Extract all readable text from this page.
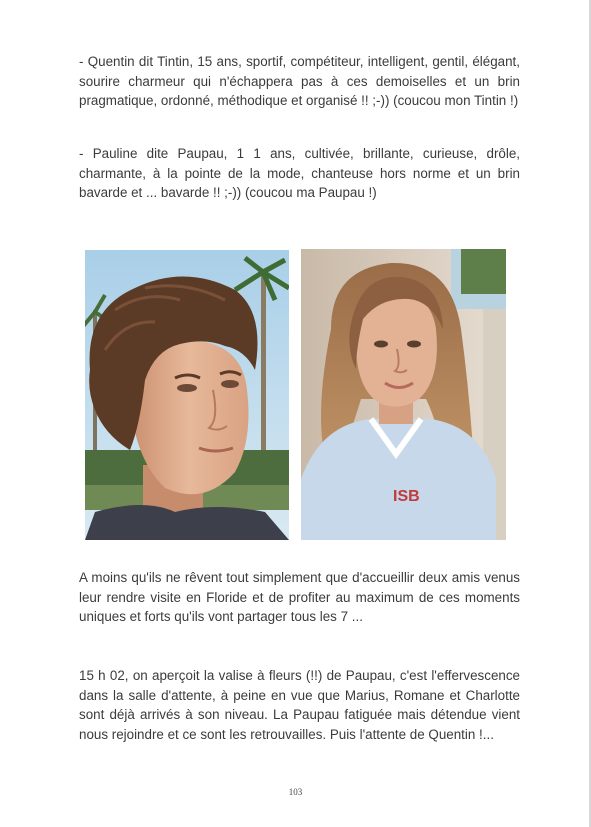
- Quentin dit Tintin, 15 ans, sportif, compétiteur, intelligent, gentil, élégant, sourire charmeur qui n'échappera pas à ces demoiselles et un brin pragmatique, ordonné, méthodique et organisé !! ;-)) (coucou mon Tintin !)

- Pauline dite Paupau, 1 1 ans, cultivée, brillante, curieuse, drôle, charmante, à la pointe de la mode, chanteuse hors norme et un brin bavarde et ... bavarde !! ;-)) (coucou ma Paupau !)

ISB

A moins qu'ils ne rêvent tout simplement que d'accueillir deux amis venus leur rendre visite en Floride et de profiter au maximum de ces moments uniques et forts qu'ils vont partager tous les 7 ...

15 h 02, on aperçoit la valise à fleurs (!!) de Paupau, c'est l'effervescence dans la salle d'attente, à peine en vue que Marius, Romane et Charlotte sont déjà arrivés à son niveau. La Paupau fatiguée mais détendue vient nous rejoindre et ce sont les retrouvailles. Puis l'attente de Quentin !...

103
